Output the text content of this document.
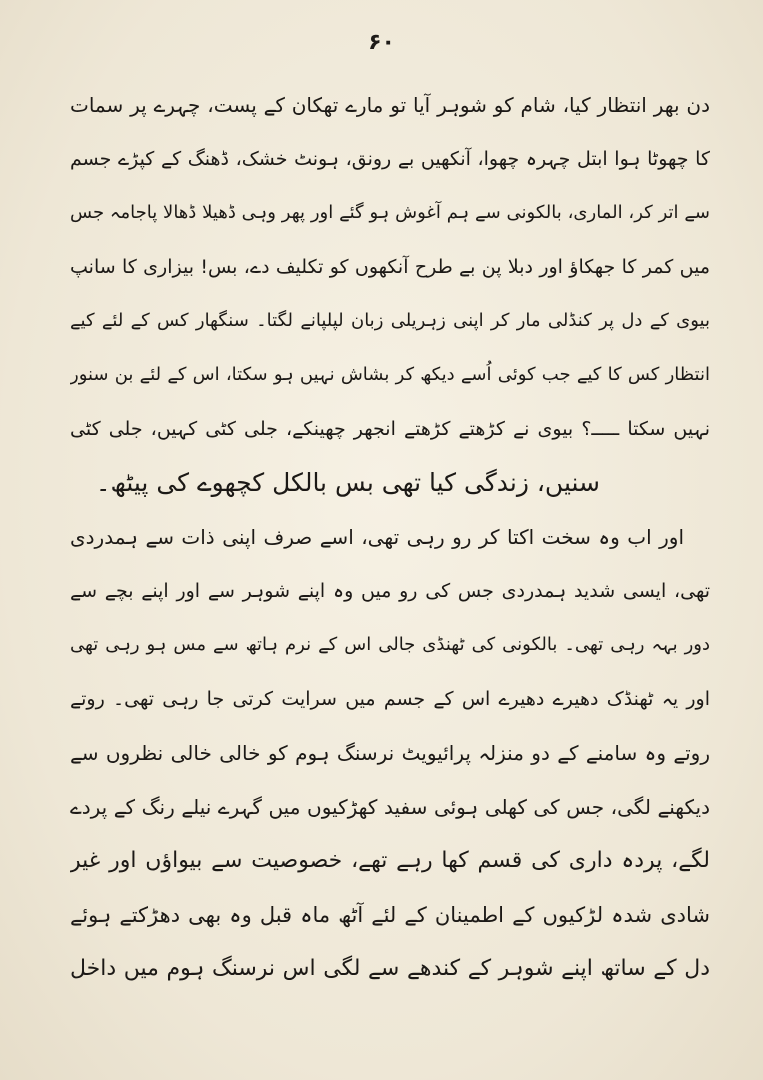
۶۰
دن بھر انتظار کیا، شام کو شوہر آیا تو مارے تھکان کے پست، چہرے پر سمات
کا چھوٹا ہوا ابتل چہرہ چھوا، آنکھیں بے رونق، ہونٹ خشک، ڈھنگ کے کپڑے جسم
سے اتر کر، الماری، بالکونی سے ہم آغوش ہو گئے اور پھر وہی ڈھیلا ڈھالا پاجامہ جس
میں کمر کا جھکاؤ اور دبلا پن بے طرح آنکھوں کو تکلیف دے، بس! بیزاری کا سانپ
بیوی کے دل پر کنڈلی مار کر اپنی زہریلی زبان لپلپانے لگتا۔ سنگھار کس کے لئے کیے
انتظار کس کا کیے جب کوئی اُسے دیکھ کر بشاش نہیں ہو سکتا، اس کے لئے بن سنور
نہیں سکتا ـــــ؟ بیوی نے کڑھتے کڑھتے انجھر چھینکے، جلی کٹی کہیں، جلی کٹی
سنیں، زندگی کیا تھی بس بالکل کچھوے کی پیٹھ۔
اور اب وہ سخت اکتا کر رو رہی تھی، اسے صرف اپنی ذات سے ہمدردی
تھی، ایسی شدید ہمدردی جس کی رو میں وہ اپنے شوہر سے اور اپنے بچے سے
دور بہہ رہی تھی۔ بالکونی کی ٹھنڈی جالی اس کے نرم ہاتھ سے مس ہو رہی تھی
اور یہ ٹھنڈک دھیرے دھیرے اس کے جسم میں سرایت کرتی جا رہی تھی۔ روتے
روتے وہ سامنے کے دو منزلہ پرائیویٹ نرسنگ ہوم کو خالی خالی نظروں سے
دیکھنے لگی، جس کی کھلی ہوئی سفید کھڑکیوں میں گہرے نیلے رنگ کے پردے
لگے، پردہ داری کی قسم کھا رہے تھے، خصوصیت سے بیواؤں اور غیر
شادی شدہ لڑکیوں کے اطمینان کے لئے آٹھ ماہ قبل وہ بھی دھڑکتے ہوئے
دل کے ساتھ اپنے شوہر کے کندھے سے لگی اس نرسنگ ہوم میں داخل
